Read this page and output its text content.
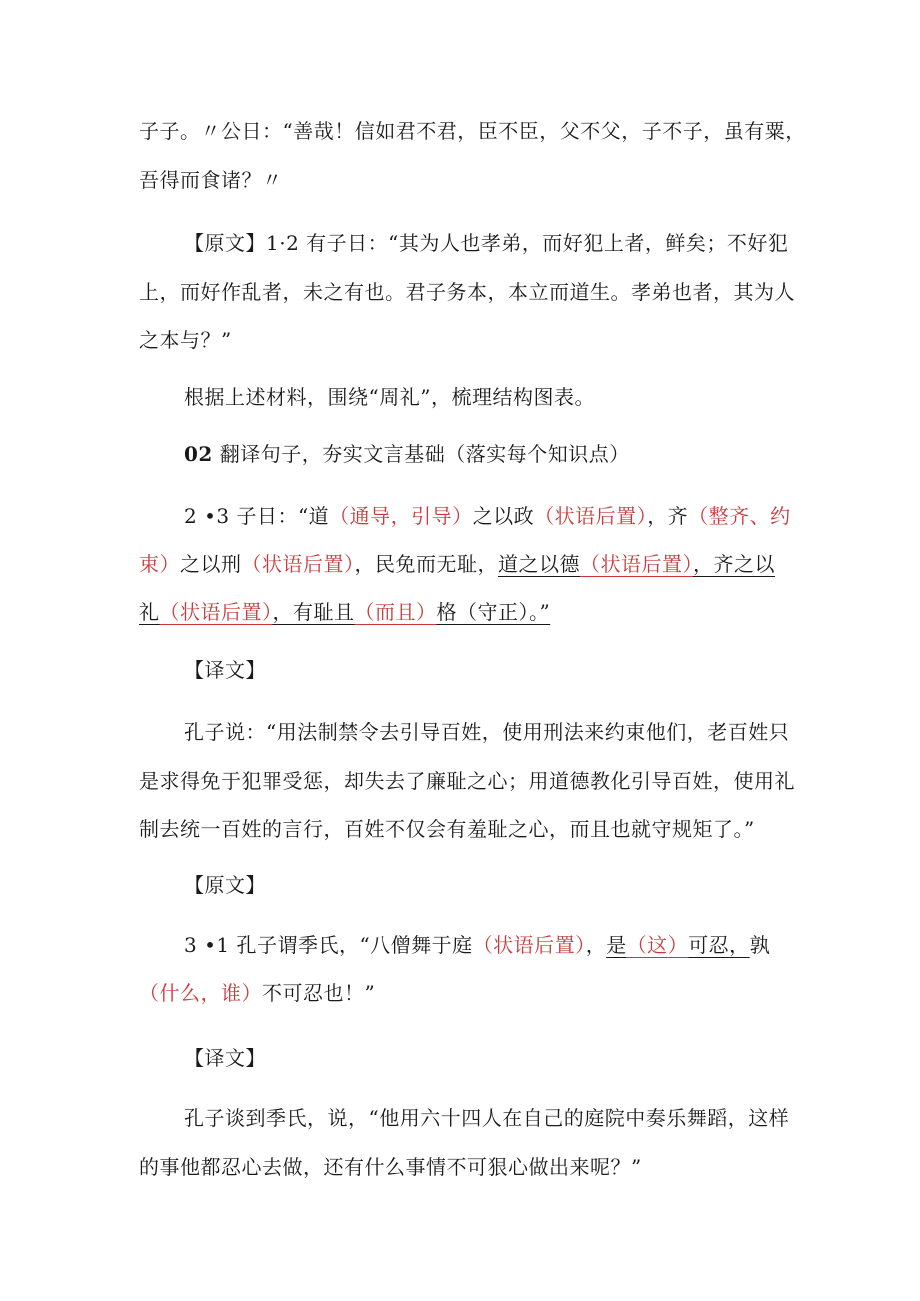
子子。〃公日：“善哉！信如君不君，臣不臣，父不父，子不子，虽有粟，
吾得而食诸？〃
【原文】1·2 有子日：“其为人也孝弟，而好犯上者，鲜矣；不好犯
上，而好作乱者，未之有也。君子务本，本立而道生。孝弟也者，其为人
之本与？”
根据上述材料，围绕“周礼”，梳理结构图表。
02 翻译句子，夯实文言基础（落实每个知识点）
2 •3 子日：“道（通导，引导）之以政（状语后置），齐（整齐、约
束）之以刑（状语后置），民免而无耻，道之以德（状语后置），齐之以
礼（状语后置），有耻且（而且）格（守正）。”
【译文】
孔子说：“用法制禁令去引导百姓，使用刑法来约束他们，老百姓只
是求得免于犯罪受惩，却失去了廉耻之心；用道德教化引导百姓，使用礼
制去统一百姓的言行，百姓不仅会有羞耻之心，而且也就守规矩了。”
【原文】
3 •1 孔子谓季氏，“八僧舞于庭（状语后置），是（这）可忍，孰
（什么，谁）不可忍也！”
【译文】
孔子谈到季氏，说，“他用六十四人在自己的庭院中奏乐舞蹈，这样
的事他都忍心去做，还有什么事情不可狠心做出来呢？”
